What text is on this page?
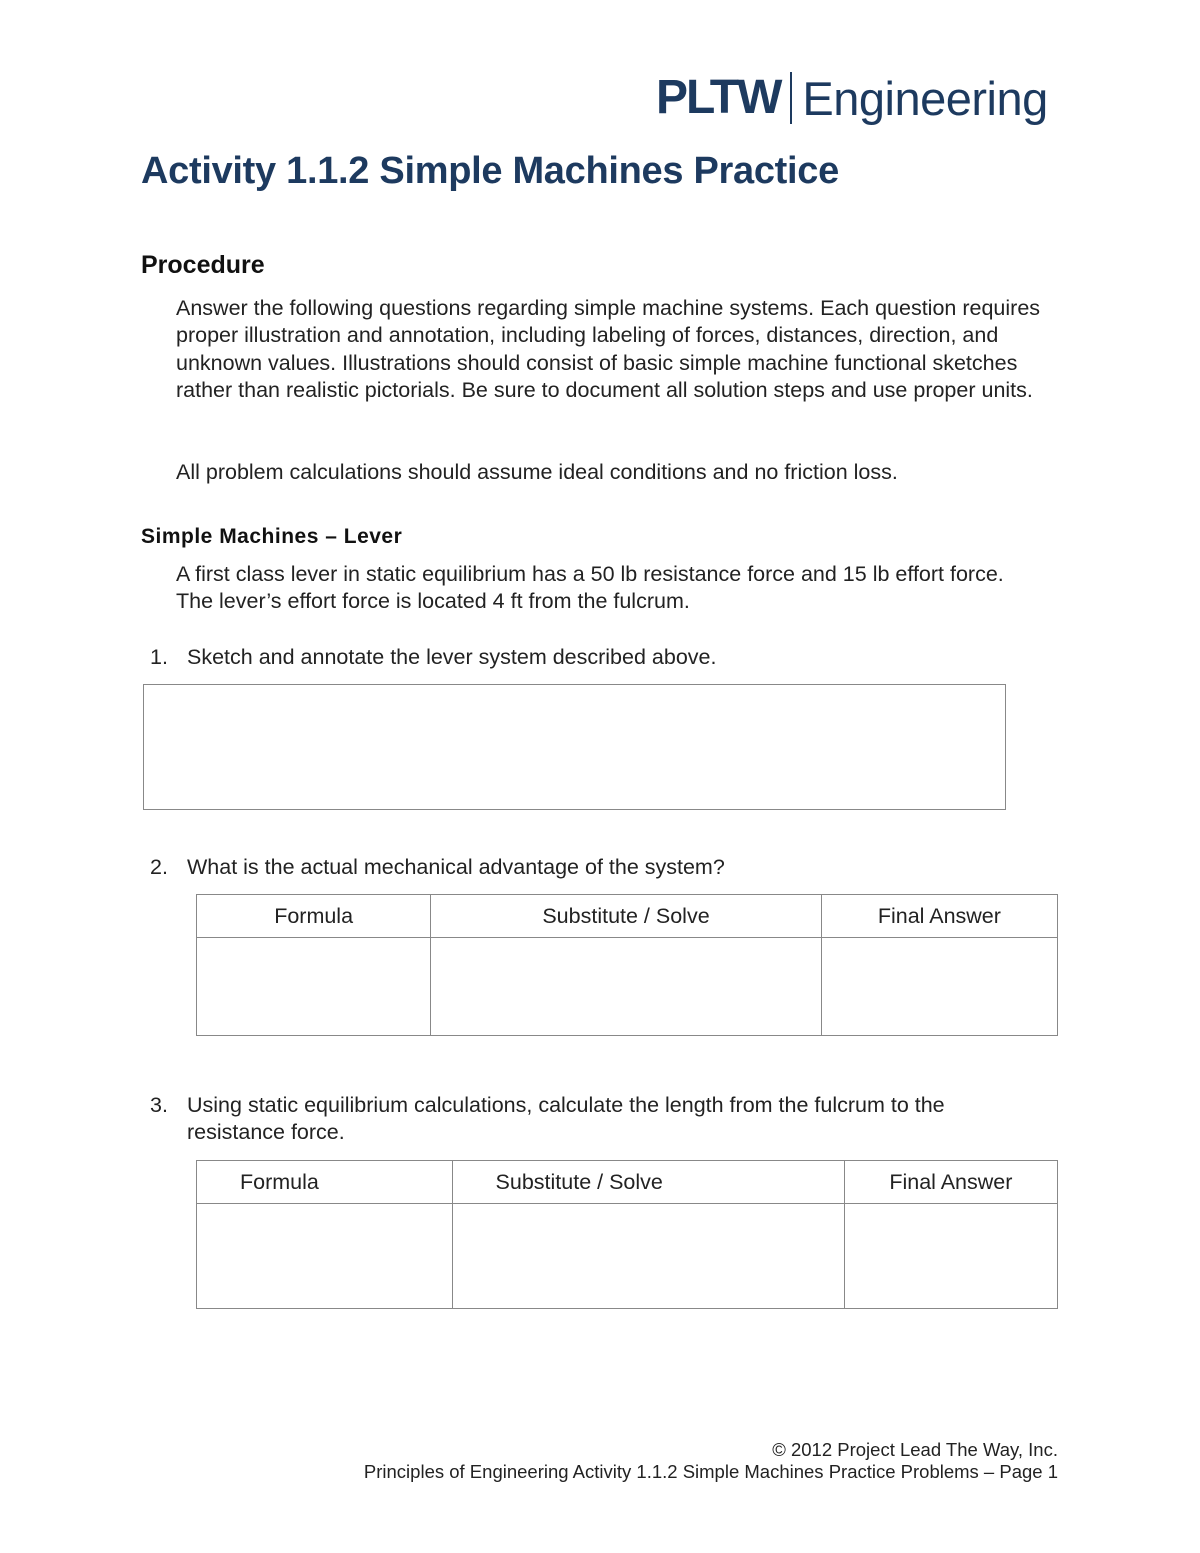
PLTW Engineering
Activity 1.1.2 Simple Machines Practice
Procedure

Answer the following questions regarding simple machine systems. Each question requires proper illustration and annotation, including labeling of forces, distances, direction, and unknown values. Illustrations should consist of basic simple machine functional sketches rather than realistic pictorials. Be sure to document all solution steps and use proper units.

All problem calculations should assume ideal conditions and no friction loss.

Simple Machines – Lever

A first class lever in static equilibrium has a 50 lb resistance force and 15 lb effort force. The lever’s effort force is located 4 ft from the fulcrum.

1. Sketch and annotate the lever system described above.
2. What is the actual mechanical advantage of the system?
Formula	Substitute / Solve	Final Answer

3. Using static equilibrium calculations, calculate the length from the fulcrum to the resistance force.
Formula	Substitute / Solve	Final Answer

© 2012 Project Lead The Way, Inc.
Principles of Engineering Activity 1.1.2 Simple Machines Practice Problems – Page 1
